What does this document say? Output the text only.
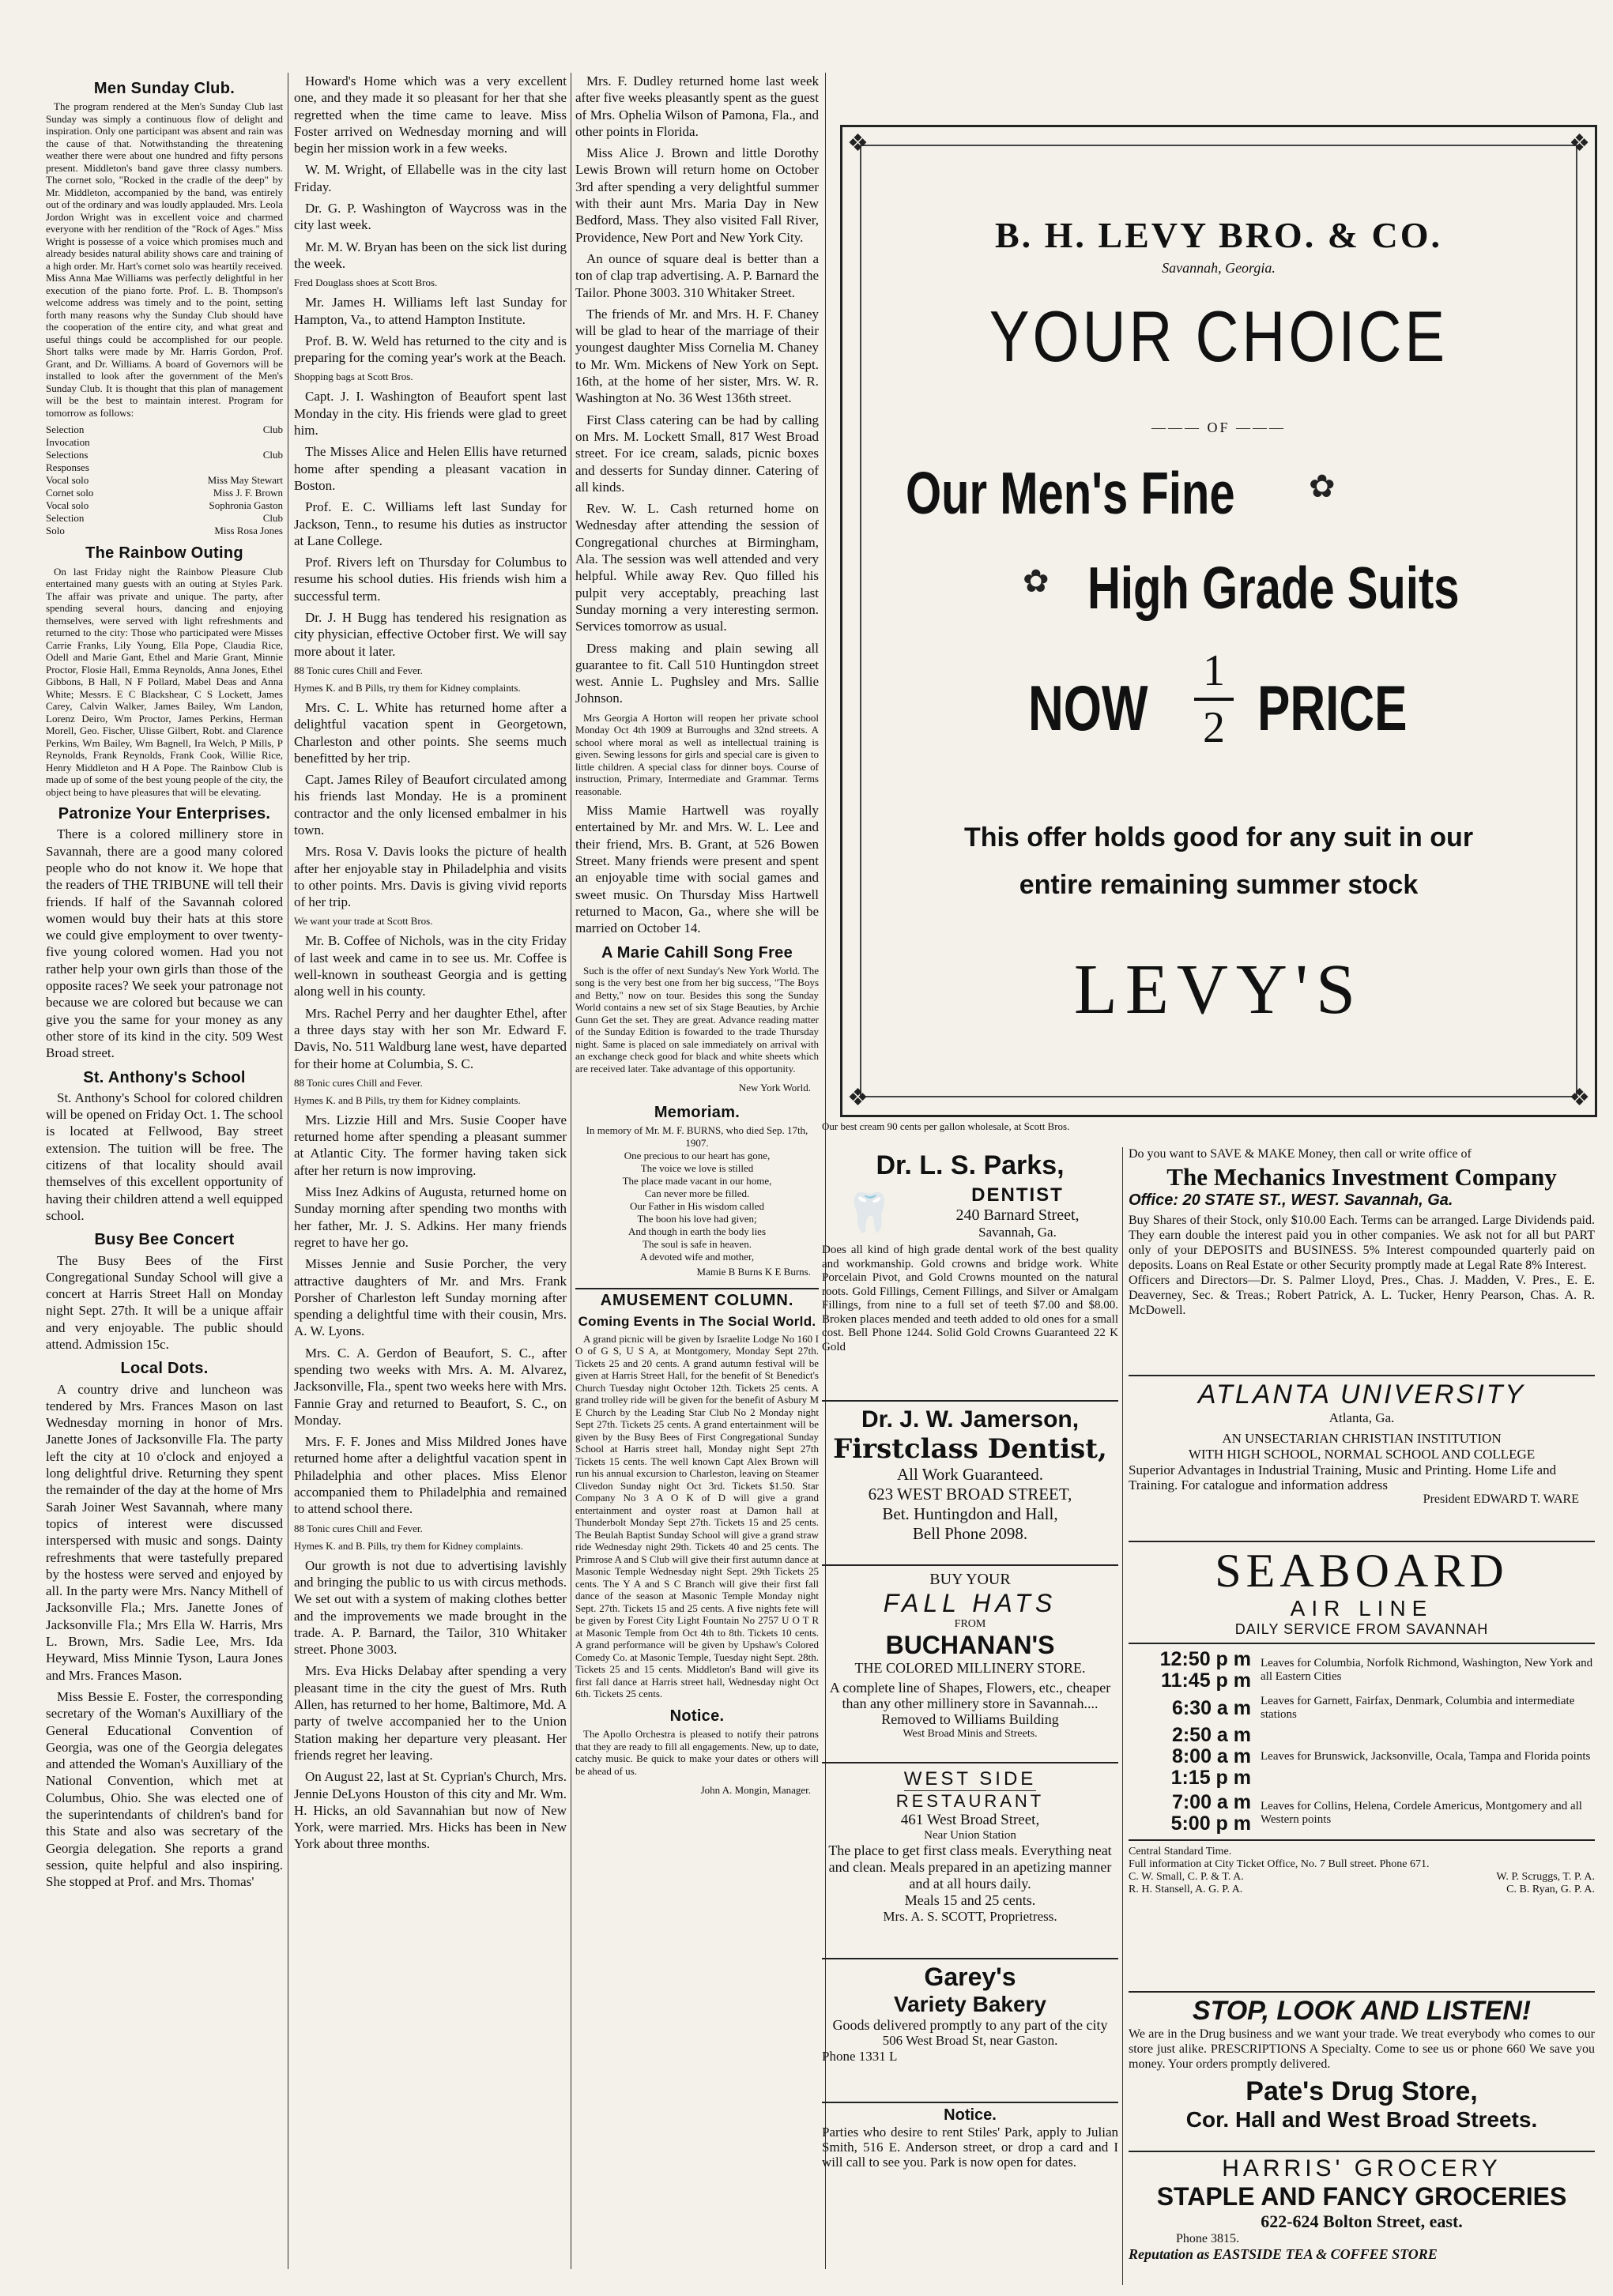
Men Sunday Club.

The program rendered at the Men's Sunday Club last Sunday was simply a continuous flow of delight and inspiration. Only one participant was absent and rain was the cause of that. Notwithstanding the threatening weather there were about one hundred and fifty persons present. Middleton's band gave three classy numbers. The cornet solo, "Rocked in the cradle of the deep" by Mr. Middleton, accompanied by the band, was entirely out of the ordinary and was loudly applauded. Mrs. Leola Jordon Wright was in excellent voice and charmed everyone with her rendition of the "Rock of Ages." Miss Wright is possesse of a voice which promises much and already besides natural ability shows care and training of a high order. Mr. Hart's cornet solo was heartily received. Miss Anna Mae Williams was perfectly delightful in her execution of the piano forte. Prof. L. B. Thompson's welcome address was timely and to the point, setting forth many reasons why the Sunday Club should have the cooperation of the entire city, and what great and useful things could be accomplished for our people. Short talks were made by Mr. Harris Gordon, Prof. Grant, and Dr. Williams. A board of Governors will be installed to look after the government of the Men's Sunday Club. It is thought that this plan of management will be the best to maintain interest. Program for tomorrow as follows:

Selection	Club
Invocation
Selections	Club
Responses
Vocal solo	Miss May Stewart
Cornet solo	Miss J. F. Brown
Vocal solo	Sophronia Gaston
Selection	Club
Solo	Miss Rosa Jones
The Rainbow Outing

On last Friday night the Rainbow Pleasure Club entertained many guests with an outing at Styles Park. The affair was private and unique. The party, after spending several hours, dancing and enjoying themselves, were served with light refreshments and returned to the city: Those who participated were Misses Carrie Franks, Lily Young, Ella Pope, Claudia Rice, Odell and Marie Gant, Ethel and Marie Grant, Minnie Proctor, Flosie Hall, Emma Reynolds, Anna Jones, Ethel Gibbons, B Hall, N F Pollard, Mabel Deas and Anna White; Messrs. E C Blackshear, C S Lockett, James Carey, Calvin Walker, James Bailey, Wm Landon, Lorenz Deiro, Wm Proctor, James Perkins, Herman Morell, Geo. Fischer, Ulisse Gilbert, Robt. and Clarence Perkins, Wm Bailey, Wm Bagnell, Ira Welch, P Mills, P Reynolds, Frank Reynolds, Frank Cook, Willie Rice, Henry Middleton and H A Pope. The Rainbow Club is made up of some of the best young people of the city, the object being to have pleasures that will be elevating.

Patronize Your Enterprises.

There is a colored millinery store in Savannah, there are a good many colored people who do not know it. We hope that the readers of THE TRIBUNE will tell their friends. If half of the Savannah colored women would buy their hats at this store we could give employment to over twenty-five young colored women. Had you not rather help your own girls than those of the opposite races? We seek your patronage not because we are colored but because we can give you the same for your money as any other store of its kind in the city. 509 West Broad street.

St. Anthony's School

St. Anthony's School for colored children will be opened on Friday Oct. 1. The school is located at Fellwood, Bay street extension. The tuition will be free. The citizens of that locality should avail themselves of this excellent opportunity of having their children attend a well equipped school.

Busy Bee Concert

The Busy Bees of the First Congregational Sunday School will give a concert at Harris Street Hall on Monday night Sept. 27th. It will be a unique affair and very enjoyable. The public should attend. Admission 15c.

Local Dots.

A country drive and luncheon was tendered by Mrs. Frances Mason on last Wednesday morning in honor of Mrs. Janette Jones of Jacksonville Fla. The party left the city at 10 o'clock and enjoyed a long delightful drive. Returning they spent the remainder of the day at the home of Mrs Sarah Joiner West Savannah, where many topics of interest were discussed interspersed with music and songs. Dainty refreshments that were tastefully prepared by the hostess were served and enjoyed by all. In the party were Mrs. Nancy Mithell of Jacksonville Fla.; Mrs. Janette Jones of Jacksonville Fla.; Mrs Ella W. Harris, Mrs L. Brown, Mrs. Sadie Lee, Mrs. Ida Heyward, Miss Minnie Tyson, Laura Jones and Mrs. Frances Mason.

Miss Bessie E. Foster, the corresponding secretary of the Woman's Auxilliary of the General Educational Convention of Georgia, was one of the Georgia delegates and attended the Woman's Auxilliary of the National Convention, which met at Columbus, Ohio. She was elected one of the superintendants of children's band for this State and also was secretary of the Georgia delegation. She reports a grand session, quite helpful and also inspiring. She stopped at Prof. and Mrs. Thomas'

Howard's Home which was a very excellent one, and they made it so pleasant for her that she regretted when the time came to leave. Miss Foster arrived on Wednesday morning and will begin her mission work in a few weeks.

W. M. Wright, of Ellabelle was in the city last Friday.

Dr. G. P. Washington of Waycross was in the city last week.

Mr. M. W. Bryan has been on the sick list during the week.

Fred Douglass shoes at Scott Bros.

Mr. James H. Williams left last Sunday for Hampton, Va., to attend Hampton Institute.

Prof. B. W. Weld has returned to the city and is preparing for the coming year's work at the Beach.

Shopping bags at Scott Bros.

Capt. J. I. Washington of Beaufort spent last Monday in the city. His friends were glad to greet him.

The Misses Alice and Helen Ellis have returned home after spending a pleasant vacation in Boston.

Prof. E. C. Williams left last Sunday for Jackson, Tenn., to resume his duties as instructor at Lane College.

Prof. Rivers left on Thursday for Columbus to resume his school duties. His friends wish him a successful term.

Dr. J. H Bugg has tendered his resignation as city physician, effective October first. We will say more about it later.

88 Tonic cures Chill and Fever.

Hymes K. and B Pills, try them for Kidney complaints.

Mrs. C. L. White has returned home after a delightful vacation spent in Georgetown, Charleston and other points. She seems much benefitted by her trip.

Capt. James Riley of Beaufort circulated among his friends last Monday. He is a prominent contractor and the only licensed embalmer in his town.

Mrs. Rosa V. Davis looks the picture of health after her enjoyable stay in Philadelphia and visits to other points. Mrs. Davis is giving vivid reports of her trip.

We want your trade at Scott Bros.

Mr. B. Coffee of Nichols, was in the city Friday of last week and came in to see us. Mr. Coffee is well-known in southeast Georgia and is getting along well in his county.

Mrs. Rachel Perry and her daughter Ethel, after a three days stay with her son Mr. Edward F. Davis, No. 511 Waldburg lane west, have departed for their home at Columbia, S. C.

88 Tonic cures Chill and Fever.

Hymes K. and B Pills, try them for Kidney complaints.

Mrs. Lizzie Hill and Mrs. Susie Cooper have returned home after spending a pleasant summer at Atlantic City. The former having taken sick after her return is now improving.

Miss Inez Adkins of Augusta, returned home on Sunday morning after spending two months with her father, Mr. J. S. Adkins. Her many friends regret to have her go.

Misses Jennie and Susie Porcher, the very attractive daughters of Mr. and Mrs. Frank Porsher of Charleston left Sunday morning after spending a delightful time with their cousin, Mrs. A. W. Lyons.

Mrs. C. A. Gerdon of Beaufort, S. C., after spending two weeks with Mrs. A. M. Alvarez, Jacksonville, Fla., spent two weeks here with Mrs. Fannie Gray and returned to Beaufort, S. C., on Monday.

Mrs. F. F. Jones and Miss Mildred Jones have returned home after a delightful vacation spent in Philadelphia and other places. Miss Elenor accompanied them to Philadelphia and remained to attend school there.

88 Tonic cures Chill and Fever.

Hymes K. and B. Pills, try them for Kidney complaints.

Our growth is not due to advertising lavishly and bringing the public to us with circus methods. We set out with a system of making clothes better and the improvements we made brought in the trade. A. P. Barnard, the Tailor, 310 Whitaker street. Phone 3003.

Mrs. Eva Hicks Delabay after spending a very pleasant time in the city the guest of Mrs. Ruth Allen, has returned to her home, Baltimore, Md. A party of twelve accompanied her to the Union Station making her departure very pleasant. Her friends regret her leaving.

On August 22, last at St. Cyprian's Church, Mrs. Jennie DeLyons Houston of this city and Mr. Wm. H. Hicks, an old Savannahian but now of New York, were married. Mrs. Hicks has been in New York about three months.

Mrs. F. Dudley returned home last week after five weeks pleasantly spent as the guest of Mrs. Ophelia Wilson of Pamona, Fla., and other points in Florida.

Miss Alice J. Brown and little Dorothy Lewis Brown will return home on October 3rd after spending a very delightful summer with their aunt Mrs. Maria Day in New Bedford, Mass. They also visited Fall River, Providence, New Port and New York City.

An ounce of square deal is better than a ton of clap trap advertising. A. P. Barnard the Tailor. Phone 3003. 310 Whitaker Street.

The friends of Mr. and Mrs. H. F. Chaney will be glad to hear of the marriage of their youngest daughter Miss Cornelia M. Chaney to Mr. Wm. Mickens of New York on Sept. 16th, at the home of her sister, Mrs. W. R. Washington at No. 36 West 136th street.

First Class catering can be had by calling on Mrs. M. Lockett Small, 817 West Broad street. For ice cream, salads, picnic boxes and desserts for Sunday dinner. Catering of all kinds.

Rev. W. L. Cash returned home on Wednesday after attending the session of Congregational churches at Birmingham, Ala. The session was well attended and very helpful. While away Rev. Quo filled his pulpit very acceptably, preaching last Sunday morning a very interesting sermon. Services tomorrow as usual.

Dress making and plain sewing all guarantee to fit. Call 510 Huntingdon street west. Annie L. Pughsley and Mrs. Sallie Johnson.

Mrs Georgia A Horton will reopen her private school Monday Oct 4th 1909 at Burroughs and 32nd streets. A school where moral as well as intellectual training is given. Sewing lessons for girls and special care is given to little children. A special class for dinner boys. Course of instruction, Primary, Intermediate and Grammar. Terms reasonable.

Miss Mamie Hartwell was royally entertained by Mr. and Mrs. W. L. Lee and their friend, Mrs. B. Grant, at 526 Bowen Street. Many friends were present and spent an enjoyable time with social games and sweet music. On Thursday Miss Hartwell returned to Macon, Ga., where she will be married on October 14.

A Marie Cahill Song Free

Such is the offer of next Sunday's New York World. The song is the very best one from her big success, "The Boys and Betty," now on tour. Besides this song the Sunday World contains a new set of six Stage Beauties, by Archie Gunn Get the set. They are great. Advance reading matter of the Sunday Edition is fowarded to the trade Thursday night. Same is placed on sale immediately on arrival with an exchange check good for black and white sheets which are received later. Take advantage of this opportunity.

New York World.
Memoriam.
In memory of Mr. M. F. BURNS, who died Sep. 17th, 1907.
One precious to our heart has gone,
The voice we love is stilled
The place made vacant in our home,
Can never more be filled.
Our Father in His wisdom called
The boon his love had given;
And though in earth the body lies
The soul is safe in heaven.
A devoted wife and mother,
Mamie B Burns K E Burns.
AMUSEMENT COLUMN.
Coming Events in The Social World.

A grand picnic will be given by Israelite Lodge No 160 I O of G S, U S A, at Montgomery, Monday Sept 27th. Tickets 25 and 20 cents. A grand autumn festival will be given at Harris Street Hall, for the benefit of St Benedict's Church Tuesday night October 12th. Tickets 25 cents. A grand trolley ride will be given for the benefit of Asbury M E Church by the Leading Star Club No 2 Monday night Sept 27th. Tickets 25 cents. A grand entertainment will be given by the Busy Bees of First Congregational Sunday School at Harris street hall, Monday night Sept 27th Tickets 15 cents. The well known Capt Alex Brown will run his annual excursion to Charleston, leaving on Steamer Clivedon Sunday night Oct 3rd. Tickets $1.50. Star Company No 3 A O K of D will give a grand entertainment and oyster roast at Damon hall at Thunderbolt Monday Sept 27th. Tickets 15 and 25 cents. The Beulah Baptist Sunday School will give a grand straw ride Wednesday night 29th. Tickets 40 and 25 cents. The Primrose A and S Club will give their first autumn dance at Masonic Temple Wednesday night Sept. 29th Tickets 25 cents. The Y A and S C Branch will give their first fall dance of the season at Masonic Temple Monday night Sept. 27th. Tickets 15 and 25 cents. A five nights fete will be given by Forest City Light Fountain No 2757 U O T R at Masonic Temple from Oct 4th to 8th. Tickets 10 cents. A grand performance will be given by Upshaw's Colored Comedy Co. at Masonic Temple, Tuesday night Sept. 28th. Tickets 25 and 15 cents. Middleton's Band will give its first fall dance at Harris street hall, Wednesday night Oct 6th. Tickets 25 cents.

Notice.

The Apollo Orchestra is pleased to notify their patrons that they are ready to fill all engagements. New, up to date, catchy music. Be quick to make your dates or others will be ahead of us.

John A. Mongin, Manager.
❖	❖
❖	❖
B. H. LEVY BRO. & CO.
Savannah, Georgia.
YOUR CHOICE
——— OF ———
Our Men's Fine ✿
✿ High Grade Suits
NOW
1
2 PRICE
This offer holds good for any suit in our
entire remaining summer stock
LEVY'S
Our best cream 90 cents per gallon wholesale, at Scott Bros.
Dr. L. S. Parks,
🦷	DENTIST
240 Barnard Street,
Savannah, Ga.
Does all kind of high grade dental work of the best quality and workmanship. Gold crowns and bridge work. White Porcelain Pivot, and Gold Crowns mounted on the natural roots. Gold Fillings, Cement Fillings, and Silver or Amalgam Fillings, from nine to a full set of teeth $7.00 and $8.00. Broken places mended and teeth added to old ones for a small cost. Bell Phone 1244. Solid Gold Crowns Guaranteed 22 K Gold
Dr. J. W. Jamerson,
Firstclass Dentist,
All Work Guaranteed.
623 WEST BROAD STREET,
Bet. Huntingdon and Hall,
Bell Phone 2098.
BUY YOUR
FALL HATS
FROM
BUCHANAN'S
THE COLORED MILLINERY STORE.
A complete line of Shapes, Flowers, etc., cheaper than any other millinery store in Savannah....
Removed to Williams Building
West Broad Minis and Streets.
WEST SIDE
RESTAURANT
461 West Broad Street,
Near Union Station
The place to get first class meals. Everything neat and clean. Meals prepared in an apetizing manner and at all hours daily.
Meals 15 and 25 cents.
Mrs. A. S. SCOTT, Proprietress.
Garey's
Variety Bakery
Goods delivered promptly to any part of the city
506 West Broad St, near Gaston.
Phone 1331 L
Notice.
Parties who desire to rent Stiles' Park, apply to Julian Smith, 516 E. Anderson street, or drop a card and I will call to see you. Park is now open for dates.
Do you want to SAVE & MAKE Money, then call or write office of
The Mechanics Investment Company
Office: 20 STATE ST., WEST. Savannah, Ga.
Buy Shares of their Stock, only $10.00 Each. Terms can be arranged. Large Dividends paid. They earn double the interest paid you in other companies. We ask not for all but PART only of your DEPOSITS and BUSINESS. 5% Interest compounded quarterly paid on deposits. Loans on Real Estate or other Security promptly made at Legal Rate 8% Interest.
Officers and Directors—Dr. S. Palmer Lloyd, Pres., Chas. J. Madden, V. Pres., E. E. Deaverney, Sec. & Treas.; Robert Patrick, A. L. Tucker, Henry Pearson, Chas. A. R. McDowell.
ATLANTA UNIVERSITY
Atlanta, Ga.
AN UNSECTARIAN CHRISTIAN INSTITUTION
WITH HIGH SCHOOL, NORMAL SCHOOL AND COLLEGE
Superior Advantages in Industrial Training, Music and Printing. Home Life and Training. For catalogue and information address
President EDWARD T. WARE
SEABOARD
AIR LINE
DAILY SERVICE FROM SAVANNAH
12:50 p m
11:45 p m
Leaves for Columbia, Norfolk Richmond, Washington, New York and all Eastern Cities
6:30 a m Leaves for Garnett, Fairfax, Denmark, Columbia and intermediate stations
2:50 a m
8:00 a m
1:15 p m
Leaves for Brunswick, Jacksonville, Ocala, Tampa and Florida points
7:00 a m
5:00 p m
Leaves for Collins, Helena, Cordele Americus, Montgomery and all Western points
Central Standard Time.
Full information at City Ticket Office, No. 7 Bull street. Phone 671.
C. W. Small, C. P. & T. A.	W. P. Scruggs, T. P. A.
R. H. Stansell, A. G. P. A.	C. B. Ryan, G. P. A.
STOP, LOOK AND LISTEN!
We are in the Drug business and we want your trade. We treat everybody who comes to our store just alike. PRESCRIPTIONS A Specialty. Come to see us or phone 660 We save you money. Your orders promptly delivered.
Pate's Drug Store,
Cor. Hall and West Broad Streets.
HARRIS' GROCERY
STAPLE AND FANCY GROCERIES
622-624 Bolton Street, east.
Phone 3815.
Reputation as EASTSIDE TEA & COFFEE STORE
